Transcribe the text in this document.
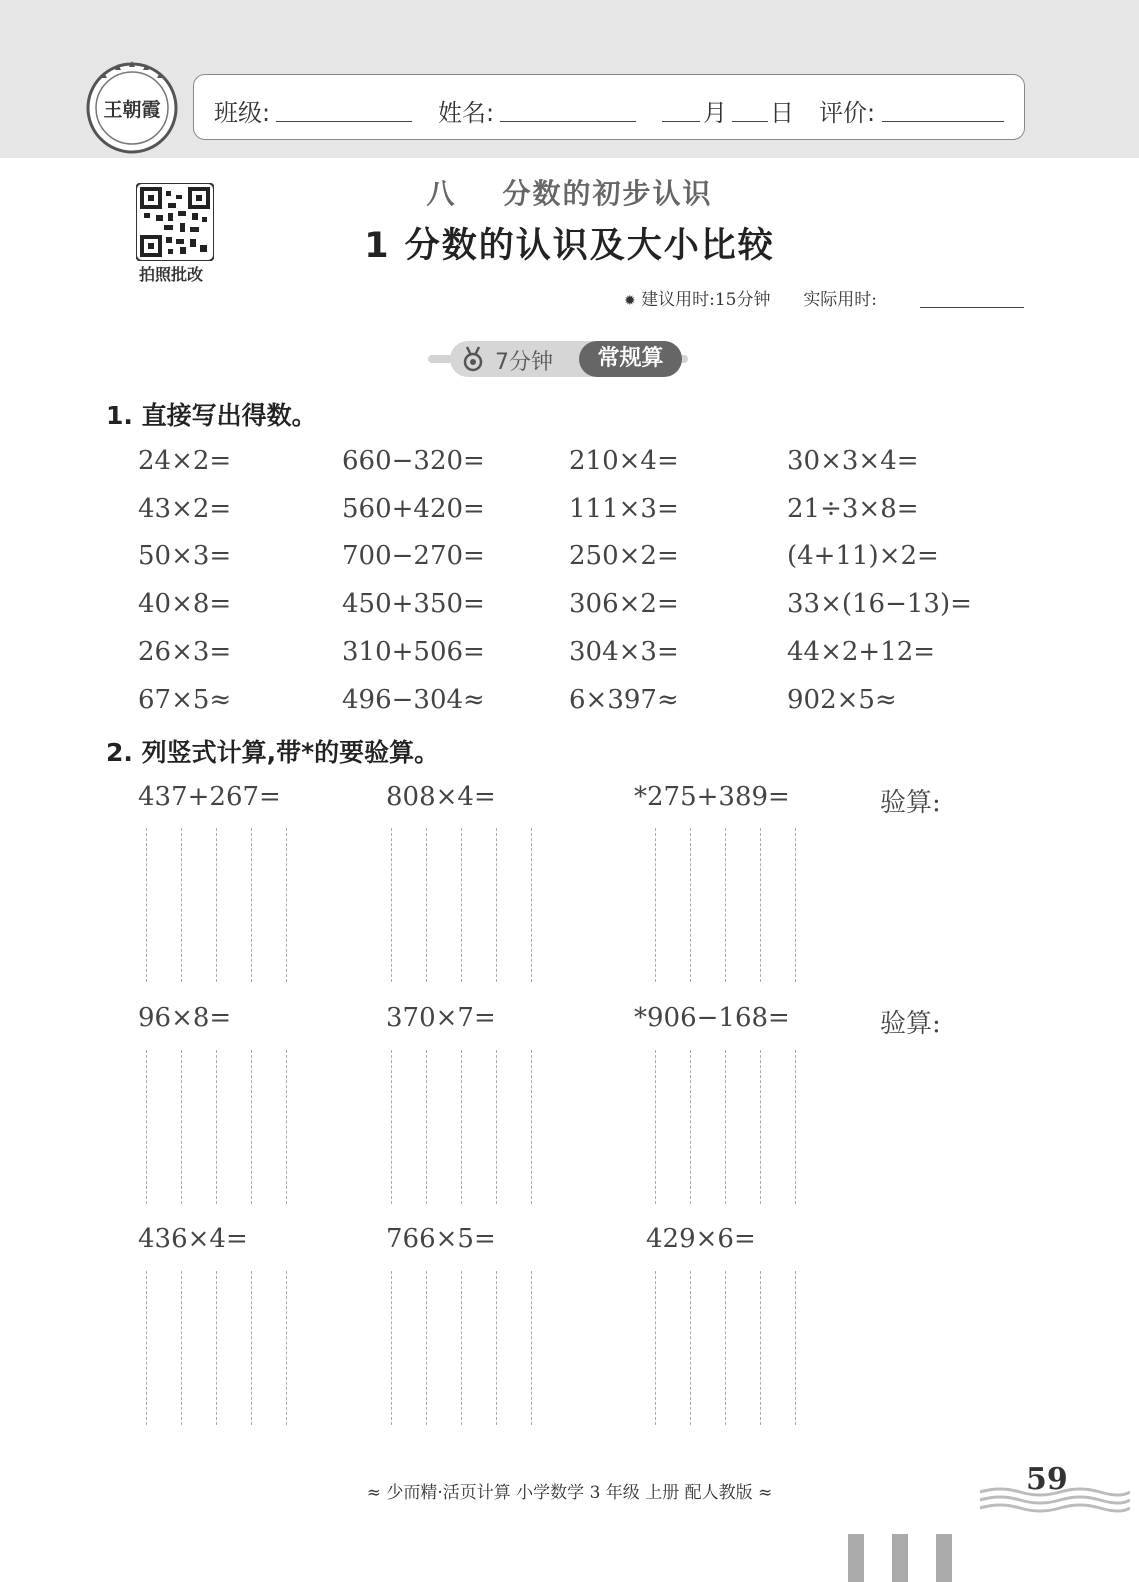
王朝霞 班级:	姓名:	月 日 评价:
拍照批改
八 分数的初步认识
1 分数的认识及大小比较
✹ 建议用时:15分钟 实际用时:
7分钟	常规算
1. 直接写出得数。
24×2=	660−320=	210×4=	30×3×4=
43×2=	560+420=	111×3=	21÷3×8=
50×3=	700−270=	250×2=	(4+11)×2=
40×8=	450+350=	306×2=	33×(16−13)=
26×3=	310+506=	304×3=	44×2+12=
67×5≈	496−304≈	6×397≈	902×5≈
2. 列竖式计算,带*的要验算。
437+267=	808×4=	*275+389=	验算:
96×8=	370×7=	*906−168=	验算:
436×4=	766×5=	429×6=
≈ 少而精·活页计算 小学数学 3 年级 上册 配人教版 ≈	59
